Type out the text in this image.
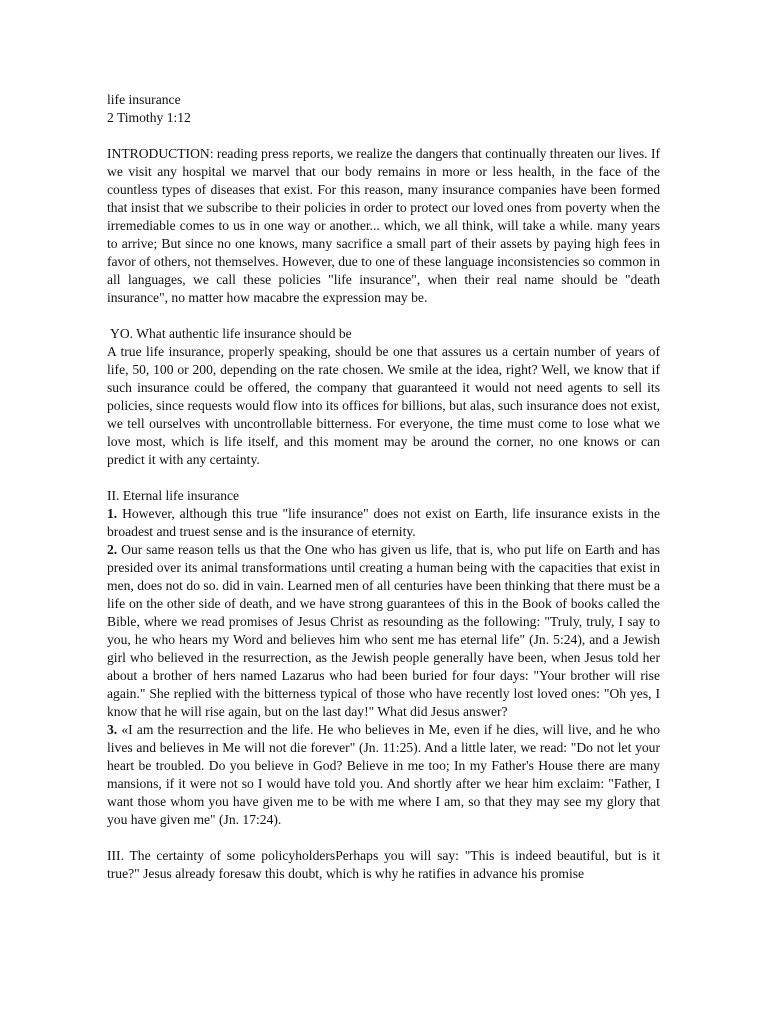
life insurance
2 Timothy 1:12

INTRODUCTION: reading press reports, we realize the dangers that continually threaten our lives. If we visit any hospital we marvel that our body remains in more or less health, in the face of the countless types of diseases that exist. For this reason, many insurance companies have been formed that insist that we subscribe to their policies in order to protect our loved ones from poverty when the irremediable comes to us in one way or another... which, we all think, will take a while. many years to arrive; But since no one knows, many sacrifice a small part of their assets by paying high fees in favor of others, not themselves. However, due to one of these language inconsistencies so common in all languages, we call these policies "life insurance", when their real name should be "death insurance", no matter how macabre the expression may be.

YO. What authentic life insurance should be

A true life insurance, properly speaking, should be one that assures us a certain number of years of life, 50, 100 or 200, depending on the rate chosen. We smile at the idea, right? Well, we know that if such insurance could be offered, the company that guaranteed it would not need agents to sell its policies, since requests would flow into its offices for billions, but alas, such insurance does not exist, we tell ourselves with uncontrollable bitterness. For everyone, the time must come to lose what we love most, which is life itself, and this moment may be around the corner, no one knows or can predict it with any certainty.

II. Eternal life insurance

1. However, although this true "life insurance" does not exist on Earth, life insurance exists in the broadest and truest sense and is the insurance of eternity.

2. Our same reason tells us that the One who has given us life, that is, who put life on Earth and has presided over its animal transformations until creating a human being with the capacities that exist in men, does not do so. did in vain. Learned men of all centuries have been thinking that there must be a life on the other side of death, and we have strong guarantees of this in the Book of books called the Bible, where we read promises of Jesus Christ as resounding as the following: "Truly, truly, I say to you, he who hears my Word and believes him who sent me has eternal life" (Jn. 5:24), and a Jewish girl who believed in the resurrection, as the Jewish people generally have been, when Jesus told her about a brother of hers named Lazarus who had been buried for four days: "Your brother will rise again." She replied with the bitterness typical of those who have recently lost loved ones: "Oh yes, I know that he will rise again, but on the last day!" What did Jesus answer?

3. «I am the resurrection and the life. He who believes in Me, even if he dies, will live, and he who lives and believes in Me will not die forever" (Jn. 11:25). And a little later, we read: "Do not let your heart be troubled. Do you believe in God? Believe in me too; In my Father's House there are many mansions, if it were not so I would have told you. And shortly after we hear him exclaim: "Father, I want those whom you have given me to be with me where I am, so that they may see my glory that you have given me" (Jn. 17:24).

III. The certainty of some policyholdersPerhaps you will say: "This is indeed beautiful, but is it true?" Jesus already foresaw this doubt, which is why he ratifies in advance his promise
